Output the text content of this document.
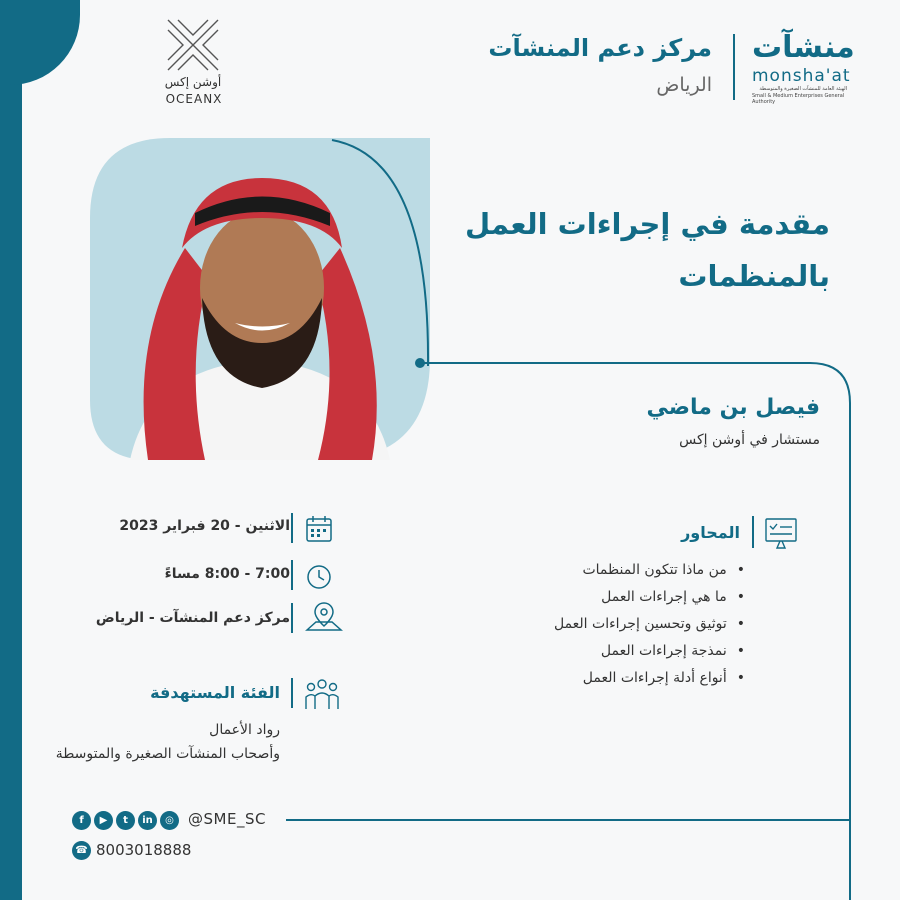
مركز دعم المنشآت
الرياض
منشآت
monsha'at
الهيئة العامة للمنشآت الصغيرة والمتوسطة
Small & Medium Enterprises General Authority
أوشن إكس
OCEANX
مقدمة في إجراءات العمل بالمنظمات
فيصل بن ماضي
مستشار في أوشن إكس
الاثنين - 20 فبراير 2023
7:00 - 8:00 مساءً
مركز دعم المنشآت - الرياض
الفئة المستهدفة
رواد الأعمال
وأصحاب المنشآت الصغيرة والمتوسطة
المحاور
• من ماذا تتكون المنظمات
• ما هي إجراءات العمل
• توثيق وتحسين إجراءات العمل
• نمذجة إجراءات العمل
• أنواع أدلة إجراءات العمل
f	▶	t	in	◎ @SME_SC
☎ 8003018888
